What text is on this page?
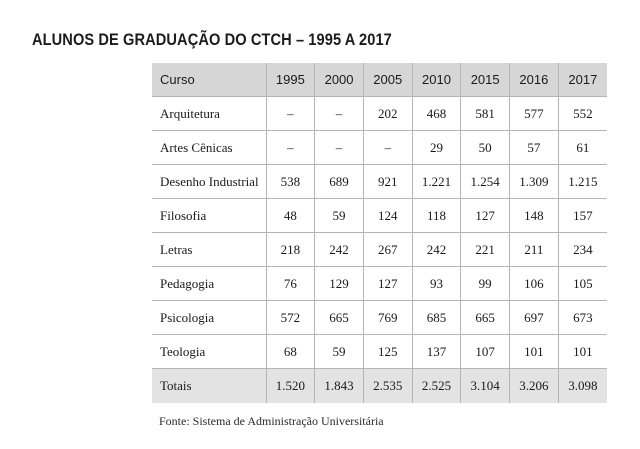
ALUNOS DE GRADUAÇÃO DO CTCH – 1995 A 2017
Curso	1995	2000	2005	2010	2015	2016	2017
Arquitetura	–	–	202	468	581	577	552
Artes Cênicas	–	–	–	29	50	57	61
Desenho Industrial	538	689	921	1.221	1.254	1.309	1.215
Filosofia	48	59	124	118	127	148	157
Letras	218	242	267	242	221	211	234
Pedagogia	76	129	127	93	99	106	105
Psicologia	572	665	769	685	665	697	673
Teologia	68	59	125	137	107	101	101
Totais	1.520	1.843	2.535	2.525	3.104	3.206	3.098
Fonte: Sistema de Administração Universitária
